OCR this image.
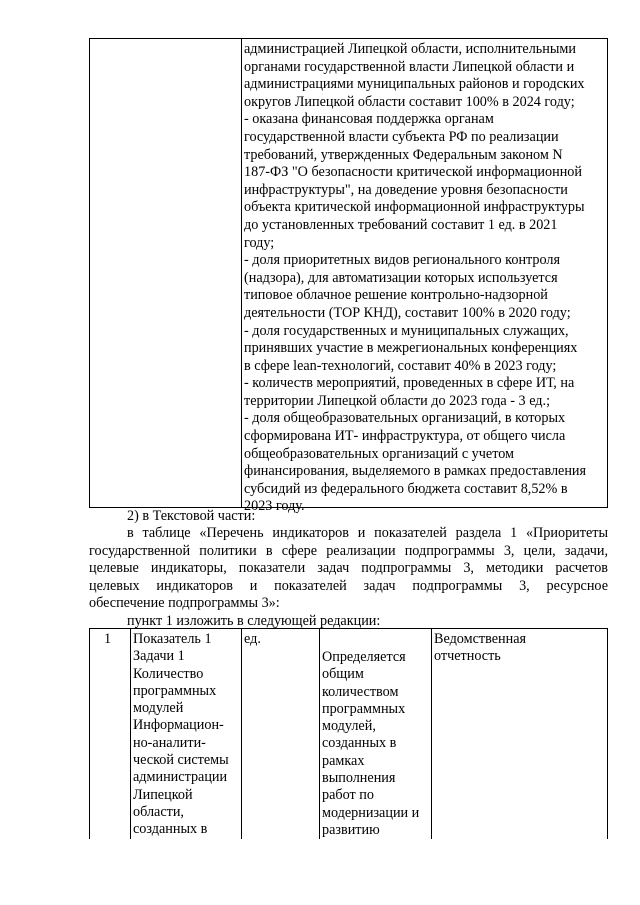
администрацией Липецкой области, исполнительными
органами государственной власти Липецкой области и
администрациями муниципальных районов и городских
округов Липецкой области составит 100% в 2024 году;
- оказана финансовая поддержка органам
государственной власти субъекта РФ по реализации
требований, утвержденных Федеральным законом N
187-ФЗ "О безопасности критической информационной
инфраструктуры", на доведение уровня безопасности
объекта критической информационной инфраструктуры
до установленных требований составит 1 ед. в 2021
году;
- доля приоритетных видов регионального контроля
(надзора), для автоматизации которых используется
типовое облачное решение контрольно-надзорной
деятельности (ТОР КНД), составит 100% в 2020 году;
- доля государственных и муниципальных служащих,
принявших участие в межрегиональных конференциях
в сфере lean-технологий, составит 40% в 2023 году;
- количеств мероприятий, проведенных в сфере ИТ, на
территории Липецкой области до 2023 года - 3 ед.;
- доля общеобразовательных организаций, в которых
сформирована ИТ- инфраструктура, от общего числа
общеобразовательных организаций с учетом
финансирования, выделяемого в рамках предоставления
субсидий из федерального бюджета составит 8,52% в
2023 году.
2) в Текстовой части:
в таблице «Перечень индикаторов и показателей раздела 1 «Приоритеты
государственной политики в сфере реализации подпрограммы 3, цели, задачи,
целевые индикаторы, показатели задач подпрограммы 3, методики расчетов
целевых индикаторов и показателей задач подпрограммы 3, ресурсное
обеспечение подпрограммы 3»:
пункт 1 изложить в следующей редакции:
1 Показатель 1
Задачи 1
Количество
программных
модулей
Информацион-
но-аналити-
ческой системы
администрации
Липецкой
области,
созданных в
ед.
Определяется
общим
количеством
программных
модулей,
созданных в
рамках
выполнения
работ по
модернизации и
развитию
Ведомственная
отчетность
